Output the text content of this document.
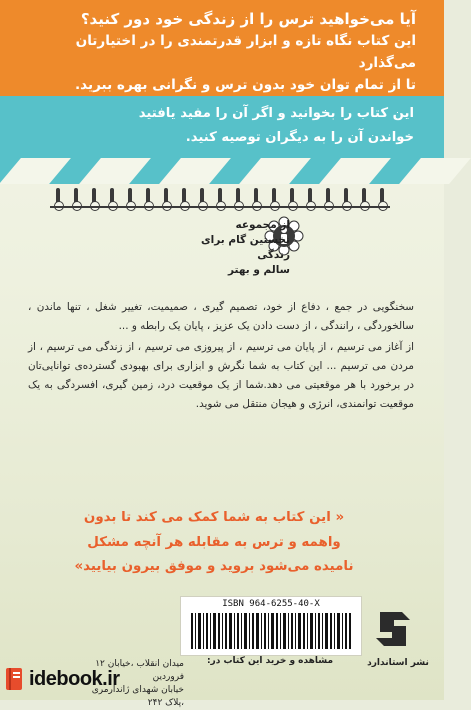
آیا می‌خواهید ترس را از زندگی خود دور کنید؟
این کتاب نگاه تازه و ابزار قدرتمندی را در اختیارتان می‌گذارد
تا از تمام توان خود بدون ترس و نگرانی بهره ببرید.
این کتاب را بخوانید و اگر آن را مفید یافتید
خواندن آن را به دیگران توصیه کنید.
از مجموعه
نخستین گام برای زندگی
سالم و بهتر

سخنگویی در جمع ، دفاع از خود، تصمیم گیری ، صمیمیت، تغییر شغل ، تنها ماندن ، سالخوردگی ، رانندگی ، از دست دادن یک عزیز ، پایان یک رابطه و ...

از آغاز می ترسیم ، از پایان می ترسیم ، از پیروزی می ترسیم ، از زندگی می ترسیم ، از مردن می ترسیم ... این کتاب به شما نگرش و ابزاری برای بهبودی گسترده‌ی توانایی‌تان در برخورد با هر موقعیتی می دهد.شما از یک موقعیت درد، زمین گیری، افسردگی به یک موقعیت توانمندی، انرژی و هیجان منتقل می شوید.

« این کتاب به شما کمک می کند تا بدون
واهمه و ترس به مقابله هر آنچه مشکل
نامیده می‌شود بروید و موفق بیرون بیایید»
ISBN 964-6255-40-X
مشاهده و خرید این کتاب در:
میدان انقلاب ،خیابان ۱۲ فروردین
خیابان شهدای ژاندارمری ،پلاک ۲۴۲
نشر استاندارد
idebook.ir
